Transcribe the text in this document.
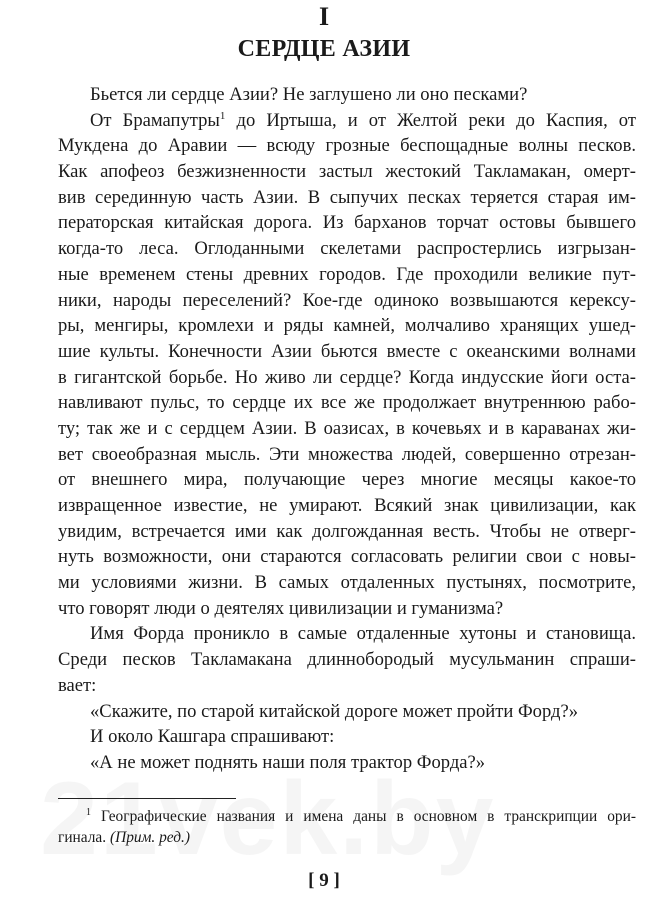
I
СЕРДЦЕ АЗИИ
Бьется ли сердце Азии? Не заглушено ли оно песками?
От Брамапутры$^1$ до Иртыша, и от Желтой реки до Каспия, от
Мукдена до Аравии — всюду грозные беспощадные волны песков.
Как апофеоз безжизненности застыл жестокий Такламакан, омерт-
вив серединную часть Азии. В сыпучих песках теряется старая им-
ператорская китайская дорога. Из барханов торчат остовы бывшего
когда-то леса. Оглоданными скелетами распростерлись изгрызан-
ные временем стены древних городов. Где проходили великие пут-
ники, народы переселений? Кое-где одиноко возвышаются керексу-
ры, менгиры, кромлехи и ряды камней, молчаливо хранящих ушед-
шие культы. Конечности Азии бьются вместе с океанскими волнами
в гигантской борьбе. Но живо ли сердце? Когда индусские йоги оста-
навливают пульс, то сердце их все же продолжает внутреннюю рабо-
ту; так же и с сердцем Азии. В оазисах, в кочевьях и в караванах жи-
вет своеобразная мысль. Эти множества людей, совершенно отрезан-
от внешнего мира, получающие через многие месяцы какое-то
извращенное известие, не умирают. Всякий знак цивилизации, как
увидим, встречается ими как долгожданная весть. Чтобы не отверг-
нуть возможности, они стараются согласовать религии свои с новы-
ми условиями жизни. В самых отдаленных пустынях, посмотрите,
что говорят люди о деятелях цивилизации и гуманизма?
Имя Форда проникло в самые отдаленные хутоны и становища.
Среди песков Такламакана длиннобородый мусульманин спраши-
вает:
«Скажите, по старой китайской дороге может пройти Форд?»
И около Кашгара спрашивают:
«А не может поднять наши поля трактор Форда?»
$^1$ Географические названия и имена даны в основном в транскрипции ори-
гинала. (Прим. ред.)
[ 9 ]
